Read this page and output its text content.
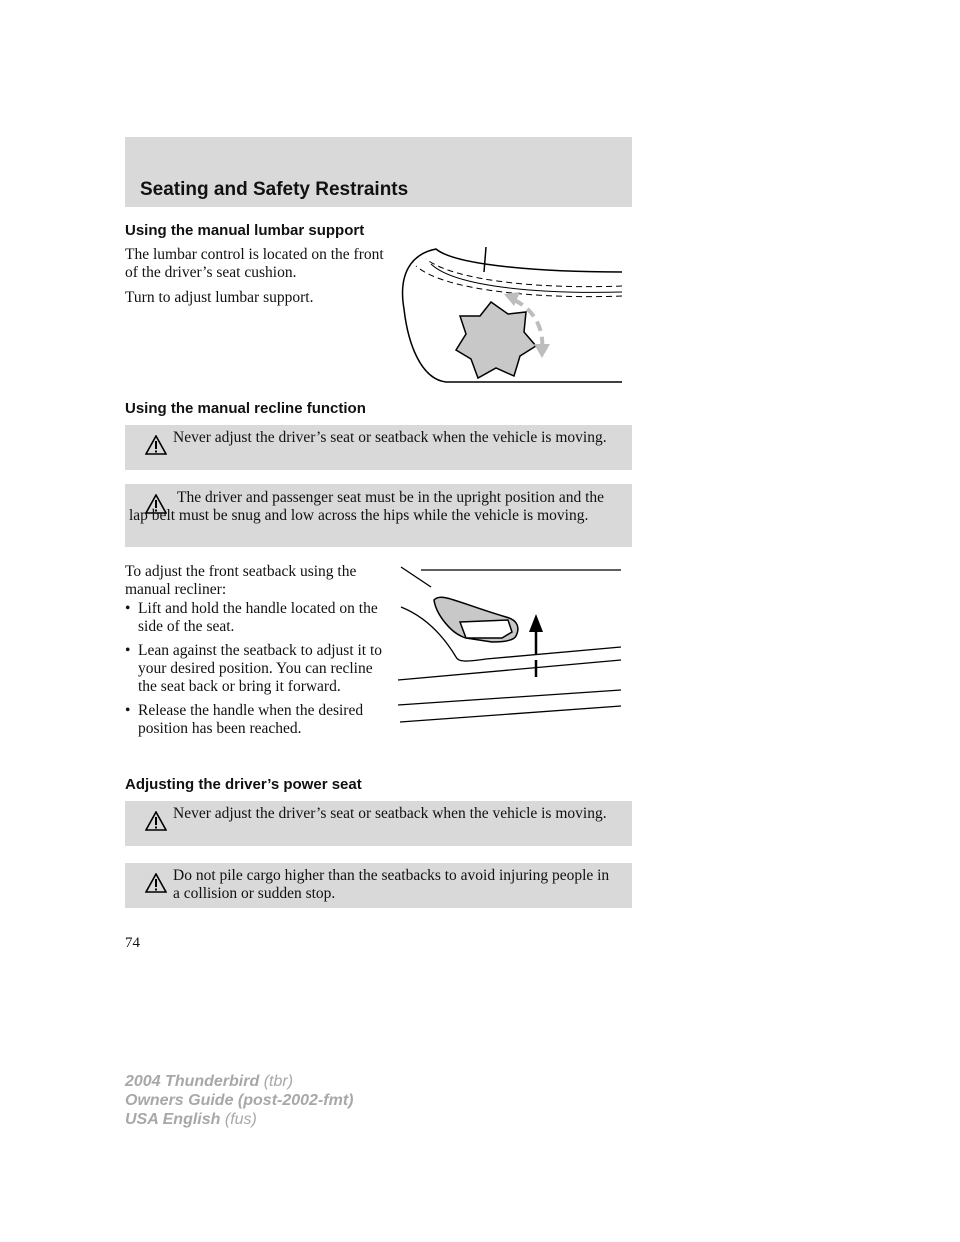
Seating and Safety Restraints
Using the manual lumbar support
The lumbar control is located on the front of the driver’s seat cushion.
Turn to adjust lumbar support.
Using the manual recline function
Never adjust the driver’s seat or seatback when the vehicle is moving.
The driver and passenger seat must be in the upright position and the lap belt must be snug and low across the hips while the vehicle is moving.
To adjust the front seatback using the manual recliner:
• Lift and hold the handle located on the side of the seat.
• Lean against the seatback to adjust it to your desired position. You can recline the seat back or bring it forward.
• Release the handle when the desired position has been reached.
Adjusting the driver’s power seat
Never adjust the driver’s seat or seatback when the vehicle is moving.
Do not pile cargo higher than the seatbacks to avoid injuring people in a collision or sudden stop.
74
2004 Thunderbird (tbr)
Owners Guide (post-2002-fmt)
USA English (fus)
